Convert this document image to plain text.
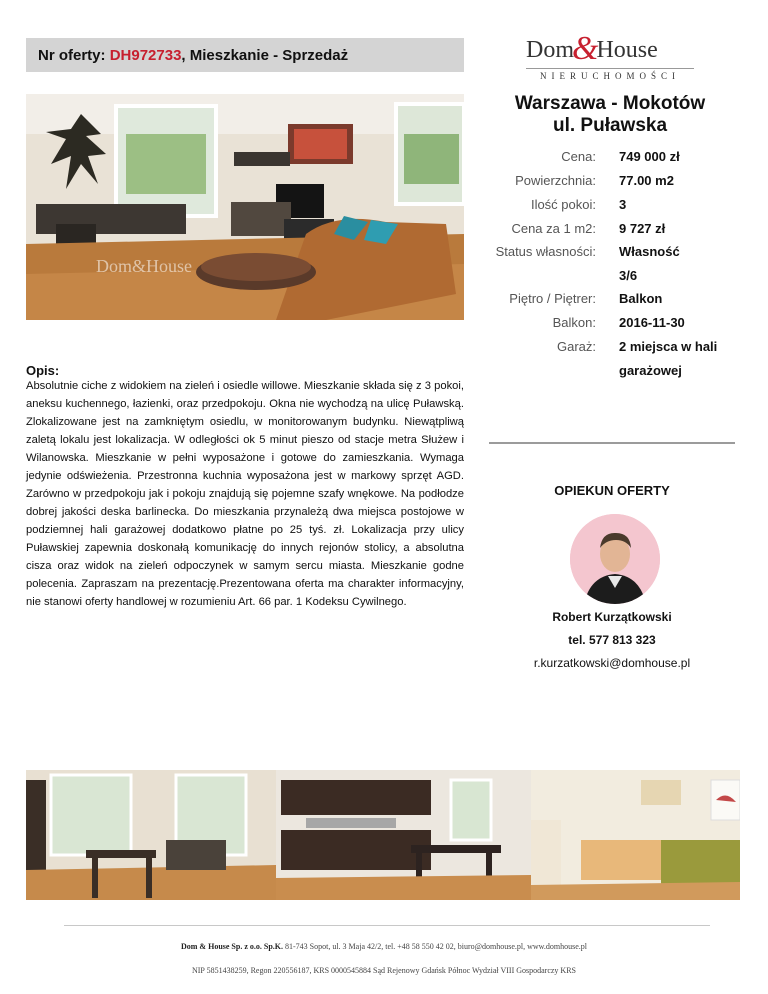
Nr oferty: DH972733 , Mieszkanie - Sprzedaż	Dom&House
NIERUCHOMOŚCI
Dom&House
Warszawa - Mokotów
ul. Puławska
Cena: 749 000 zł
Powierzchnia: 77.00 m2
Ilość pokoi: 3
Cena za 1 m2: 9 727 zł
Status własności: Własność
3/6
Piętro / Piętrer: Balkon
Balkon: 2016-11-30
Garaż: 2 miejsca w hali
garażowej
Opis:
Absolutnie ciche z widokiem na zieleń i osiedle willowe. Mieszkanie składa się z 3 pokoi, aneksu kuchennego, łazienki, oraz przedpokoju. Okna nie wychodzą na ulicę Puławską. Zlokalizowane jest na zamkniętym osiedlu, w monitorowanym budynku. Niewątpliwą zaletą lokalu jest lokalizacja. W odległości ok 5 minut pieszo od stacje metra Służew i Wilanowska. Mieszkanie w pełni wyposażone i gotowe do zamieszkania. Wymaga jedynie odświeżenia. Przestronna kuchnia wyposażona jest w markowy sprzęt AGD. Zarówno w przedpokoju jak i pokoju znajdują się pojemne szafy wnękowe. Na podłodze dobrej jakości deska barlinecka. Do mieszkania przynależą dwa miejsca postojowe w podziemnej hali garażowej dodatkowo płatne po 25 tyś. zł. Lokalizacja przy ulicy Puławskiej zapewnia doskonałą komunikację do innych rejonów stolicy, a absolutna cisza oraz widok na zieleń odpoczynek w samym sercu miasta. Mieszkanie godne polecenia. Zapraszam na prezentację.Prezentowana oferta ma charakter informacyjny, nie stanowi oferty handlowej w rozumieniu Art. 66 par. 1 Kodeksu Cywilnego.
OPIEKUN OFERTY
Robert Kurzątkowski
tel. 577 813 323
r.kurzatkowski@domhouse.pl
Dom & House Sp. z o.o. Sp.K. 81-743 Sopot, ul. 3 Maja 42/2, tel. +48 58 550 42 02, biuro@domhouse.pl, www.domhouse.pl
NIP 5851438259, Regon 220556187, KRS 0000545884 Sąd Rejenowy Gdańsk Północ Wydział VIII Gospodarczy KRS
